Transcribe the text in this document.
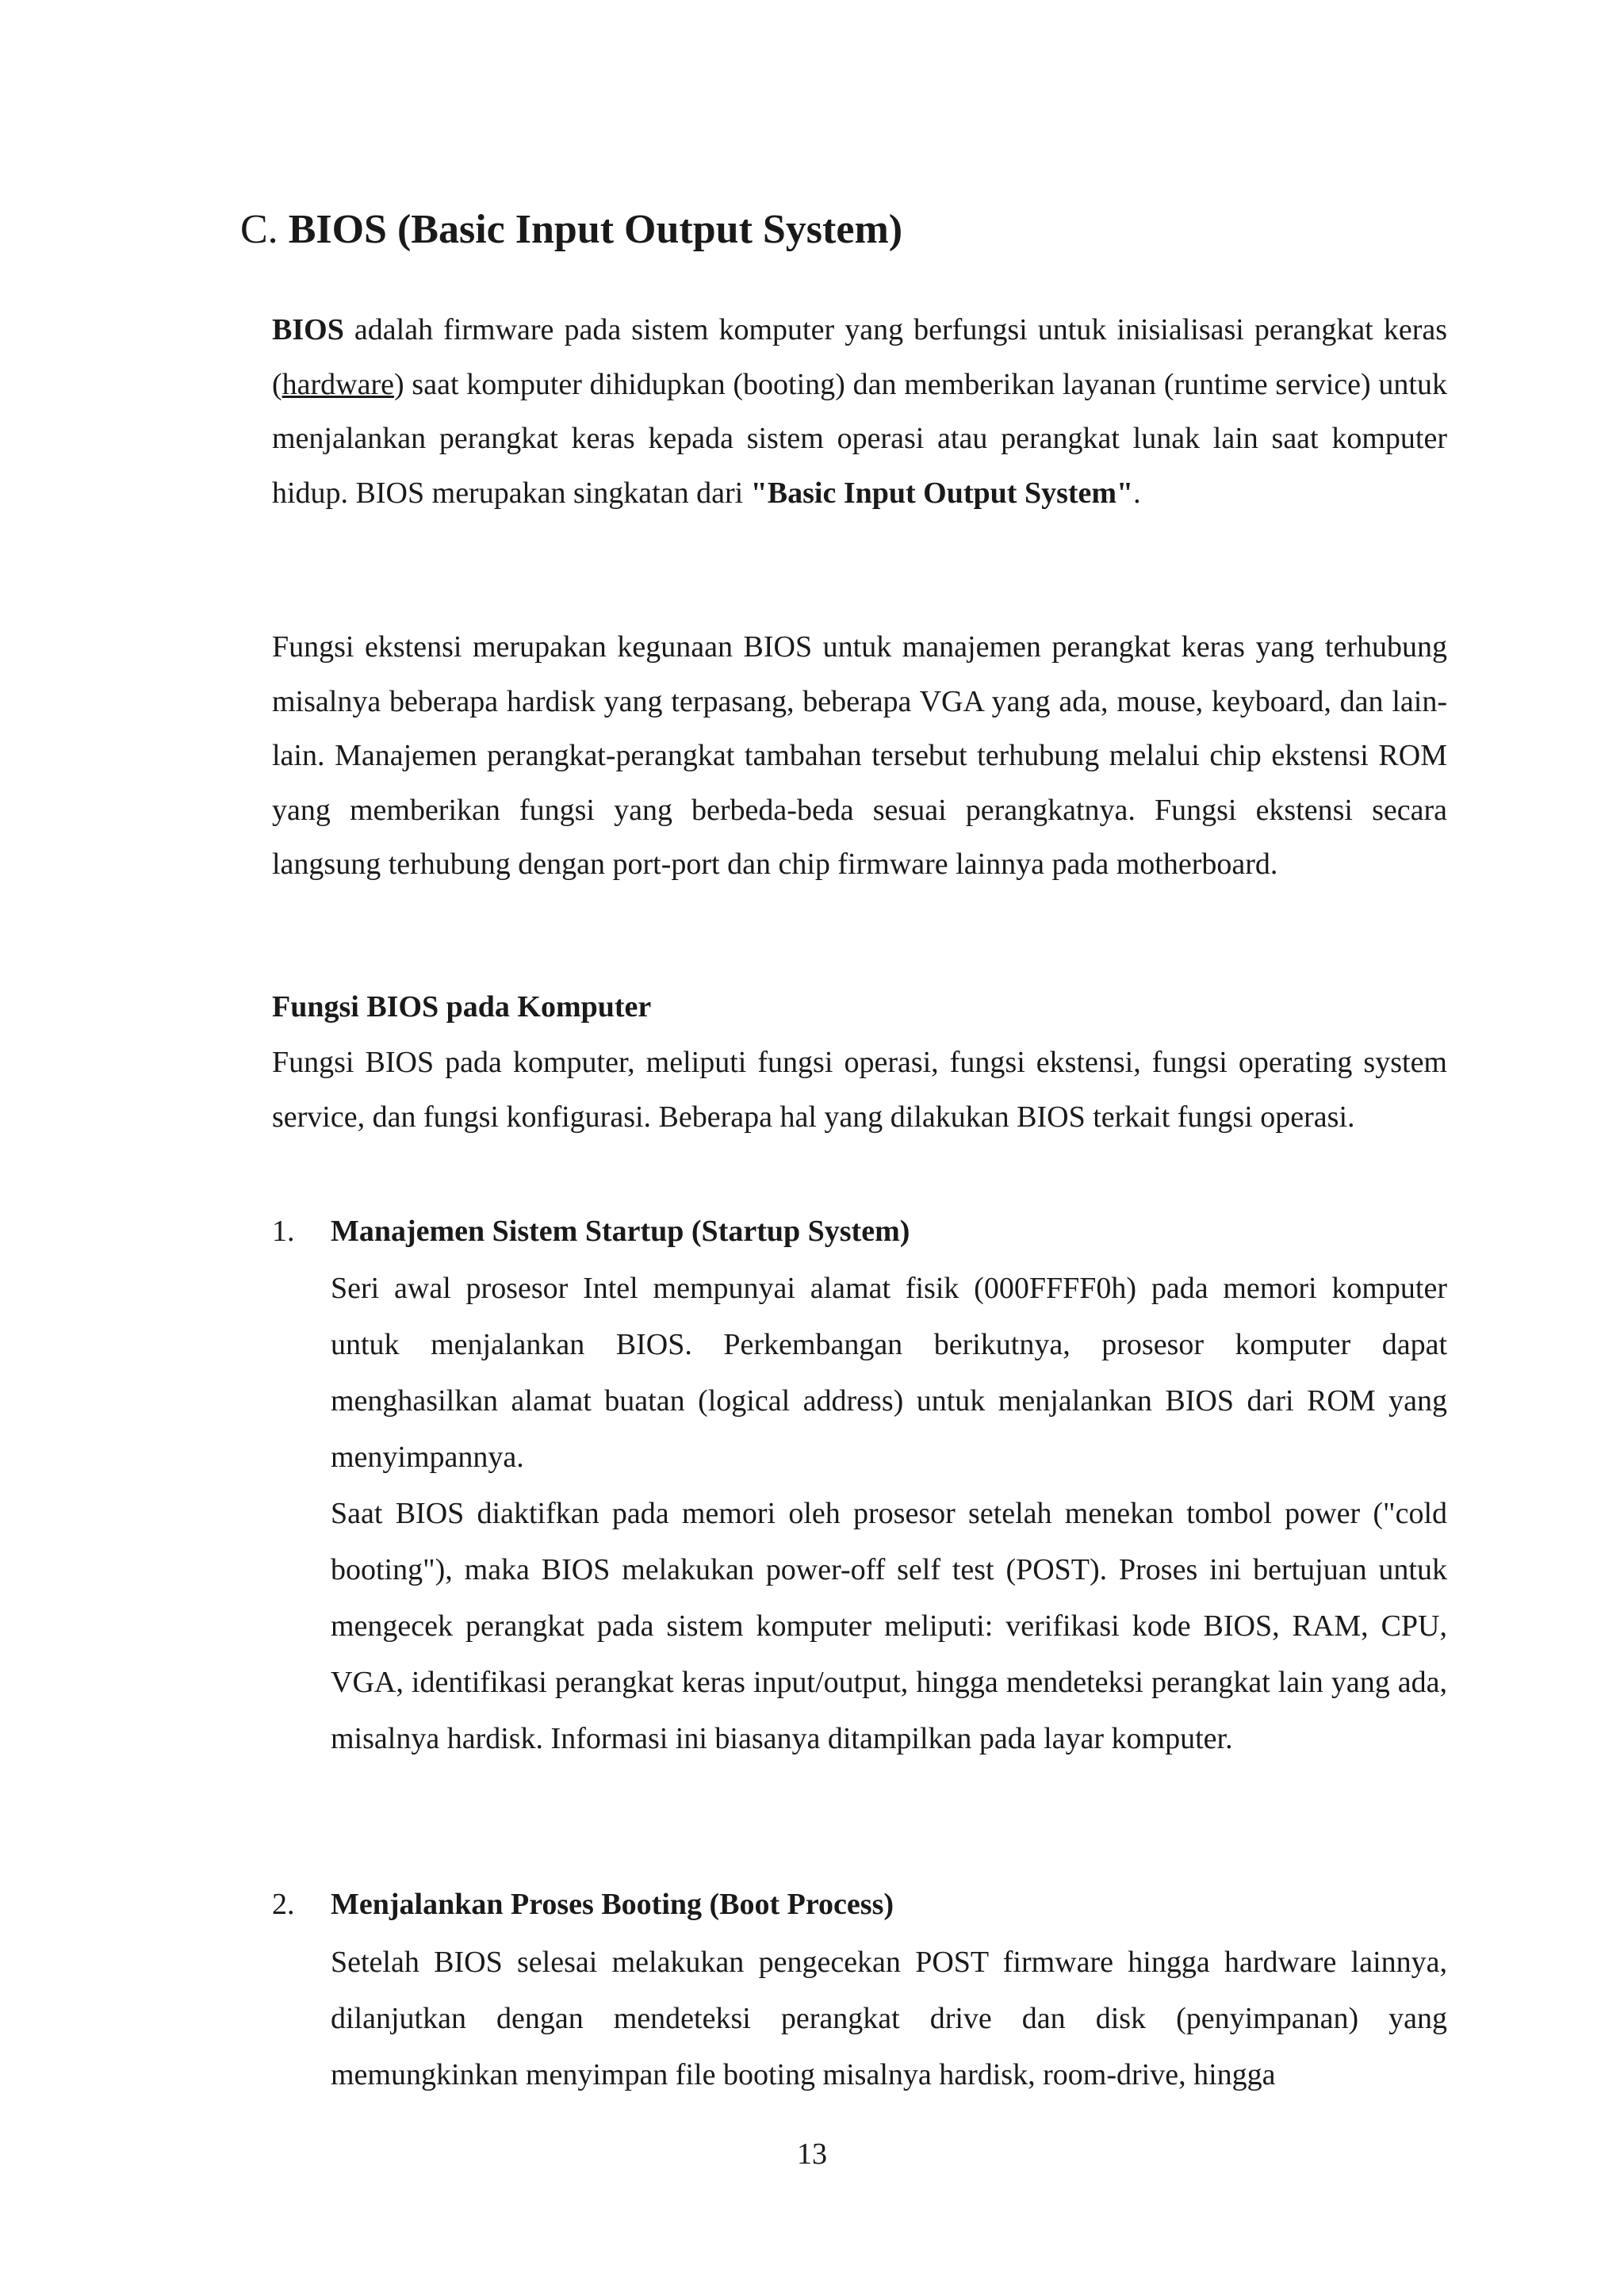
C. BIOS (Basic Input Output System)

BIOS adalah firmware pada sistem komputer yang berfungsi untuk inisialisasi perangkat keras (hardware) saat komputer dihidupkan (booting) dan memberikan layanan (runtime service) untuk menjalankan perangkat keras kepada sistem operasi atau perangkat lunak lain saat komputer hidup. BIOS merupakan singkatan dari "Basic Input Output System".

Fungsi ekstensi merupakan kegunaan BIOS untuk manajemen perangkat keras yang terhubung misalnya beberapa hardisk yang terpasang, beberapa VGA yang ada, mouse, keyboard, dan lain-lain. Manajemen perangkat-perangkat tambahan tersebut terhubung melalui chip ekstensi ROM yang memberikan fungsi yang berbeda-beda sesuai perangkatnya. Fungsi ekstensi secara langsung terhubung dengan port-port dan chip firmware lainnya pada motherboard.

Fungsi BIOS pada Komputer

Fungsi BIOS pada komputer, meliputi fungsi operasi, fungsi ekstensi, fungsi operating system service, dan fungsi konfigurasi. Beberapa hal yang dilakukan BIOS terkait fungsi operasi.

1. Manajemen Sistem Startup (Startup System)

Seri awal prosesor Intel mempunyai alamat fisik (000FFFF0h) pada memori komputer untuk menjalankan BIOS. Perkembangan berikutnya, prosesor komputer dapat menghasilkan alamat buatan (logical address) untuk menjalankan BIOS dari ROM yang menyimpannya.

Saat BIOS diaktifkan pada memori oleh prosesor setelah menekan tombol power ("cold booting"), maka BIOS melakukan power-off self test (POST). Proses ini bertujuan untuk mengecek perangkat pada sistem komputer meliputi: verifikasi kode BIOS, RAM, CPU, VGA, identifikasi perangkat keras input/output, hingga mendeteksi perangkat lain yang ada, misalnya hardisk. Informasi ini biasanya ditampilkan pada layar komputer.

2. Menjalankan Proses Booting (Boot Process)

Setelah BIOS selesai melakukan pengecekan POST firmware hingga hardware lainnya, dilanjutkan dengan mendeteksi perangkat drive dan disk (penyimpanan) yang memungkinkan menyimpan file booting misalnya hardisk, room-drive, hingga

13
